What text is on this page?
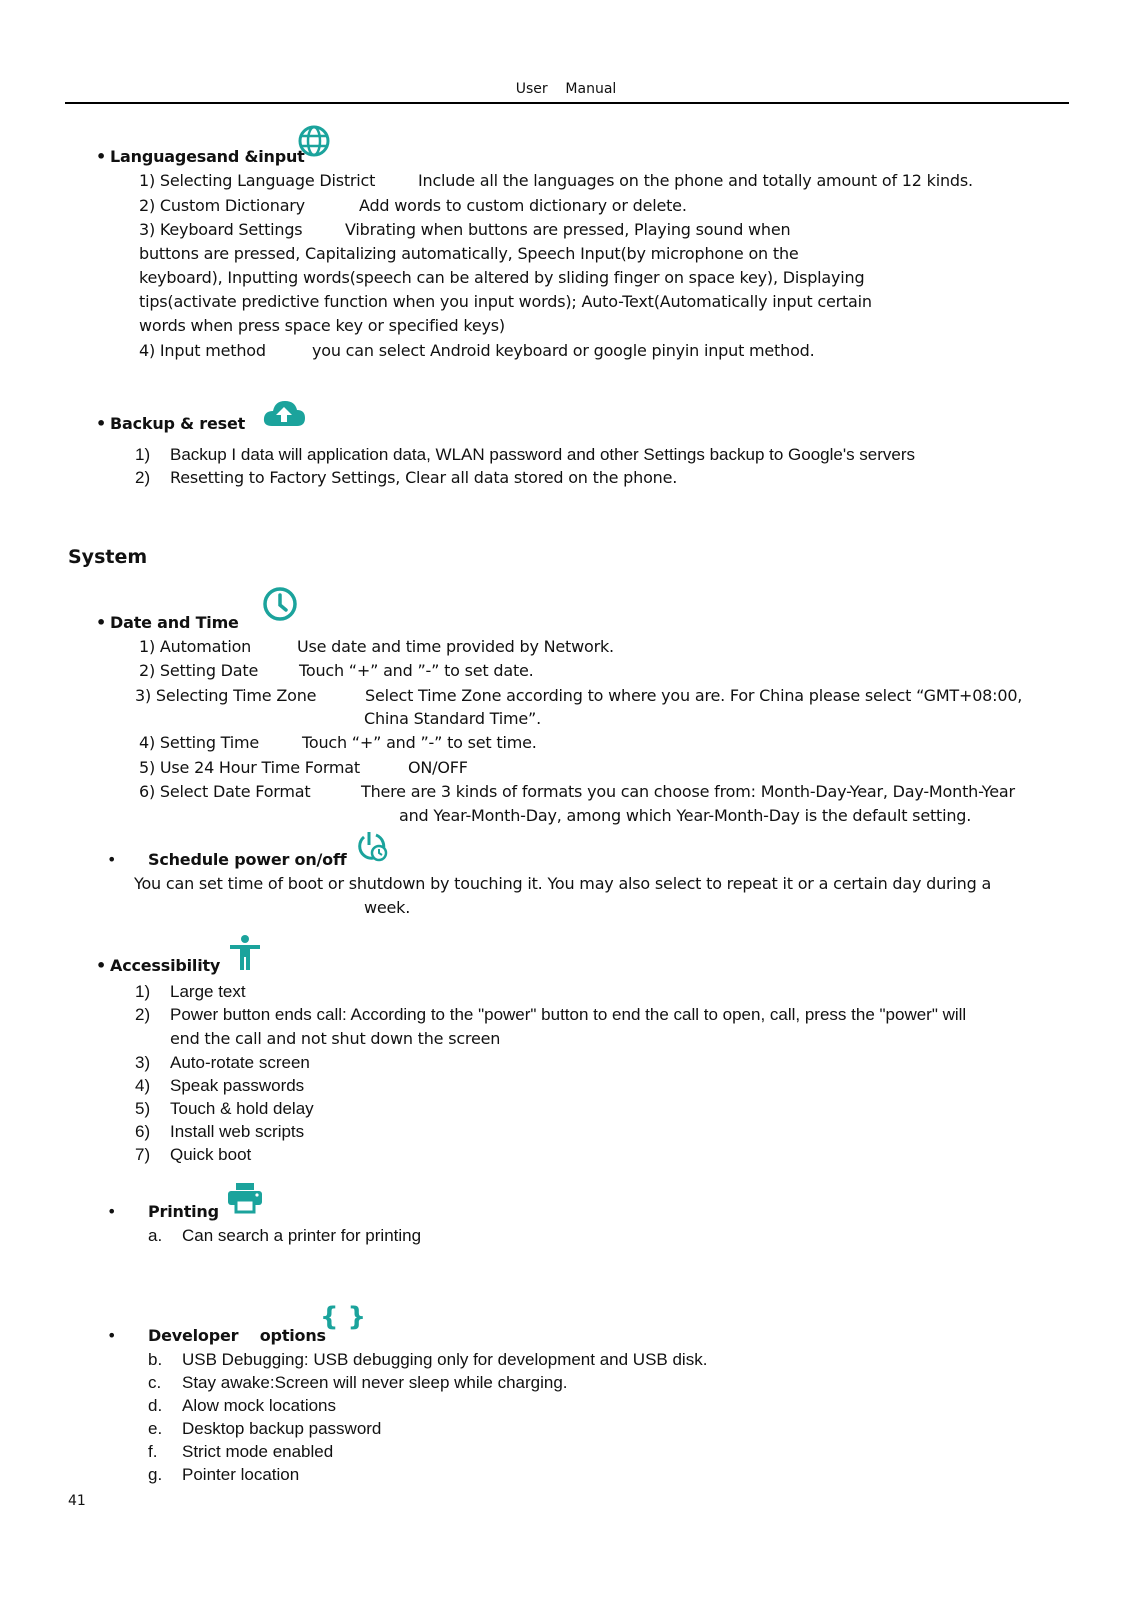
User    Manual
• Languagesand &input
1) Selecting Language District	Include all the languages on the phone and totally amount of 12 kinds.
2) Custom Dictionary	Add words to custom dictionary or delete.
3) Keyboard Settings	Vibrating when buttons are pressed, Playing sound when
buttons are pressed, Capitalizing automatically, Speech Input(by microphone on the
keyboard), Inputting words(speech can be altered by sliding finger on space key), Displaying
tips(activate predictive function when you input words); Auto-Text(Automatically input certain
words when press space key or specified keys)
4) Input method	you can select Android keyboard or google pinyin input method.
• Backup & reset
1) Backup I data will application data, WLAN password and other Settings backup to Google's servers
2) Resetting to Factory Settings, Clear all data stored on the phone.
System
• Date and Time
1) Automation	Use date and time provided by Network.
2) Setting Date	Touch “+” and ”-” to set date.
3) Selecting Time Zone	Select Time Zone according to where you are. For China please select “GMT+08:00,
China Standard Time”.
4) Setting Time	Touch “+” and ”-” to set time.
5) Use 24 Hour Time Format	ON/OFF
6) Select Date Format	There are 3 kinds of formats you can choose from: Month-Day-Year, Day-Month-Year
and Year-Month-Day, among which Year-Month-Day is the default setting.
• Schedule power on/off
You can set time of boot or shutdown by touching it. You may also select to repeat it or a certain day during a
week.
• Accessibility
1) Large text
2) Power button ends call: According to the "power" button to end the call to open, call, press the "power" will
end the call and not shut down the screen
3) Auto-rotate screen
4) Speak passwords
5) Touch & hold delay
6) Install web scripts
7) Quick boot
• Printing
a. Can search a printer for printing
• Developer    options
{ }
b. USB Debugging: USB debugging only for development and USB disk.
c. Stay awake:Screen will never sleep while charging.
d. Alow mock locations
e. Desktop backup password
f. Strict mode enabled
g. Pointer location
41
